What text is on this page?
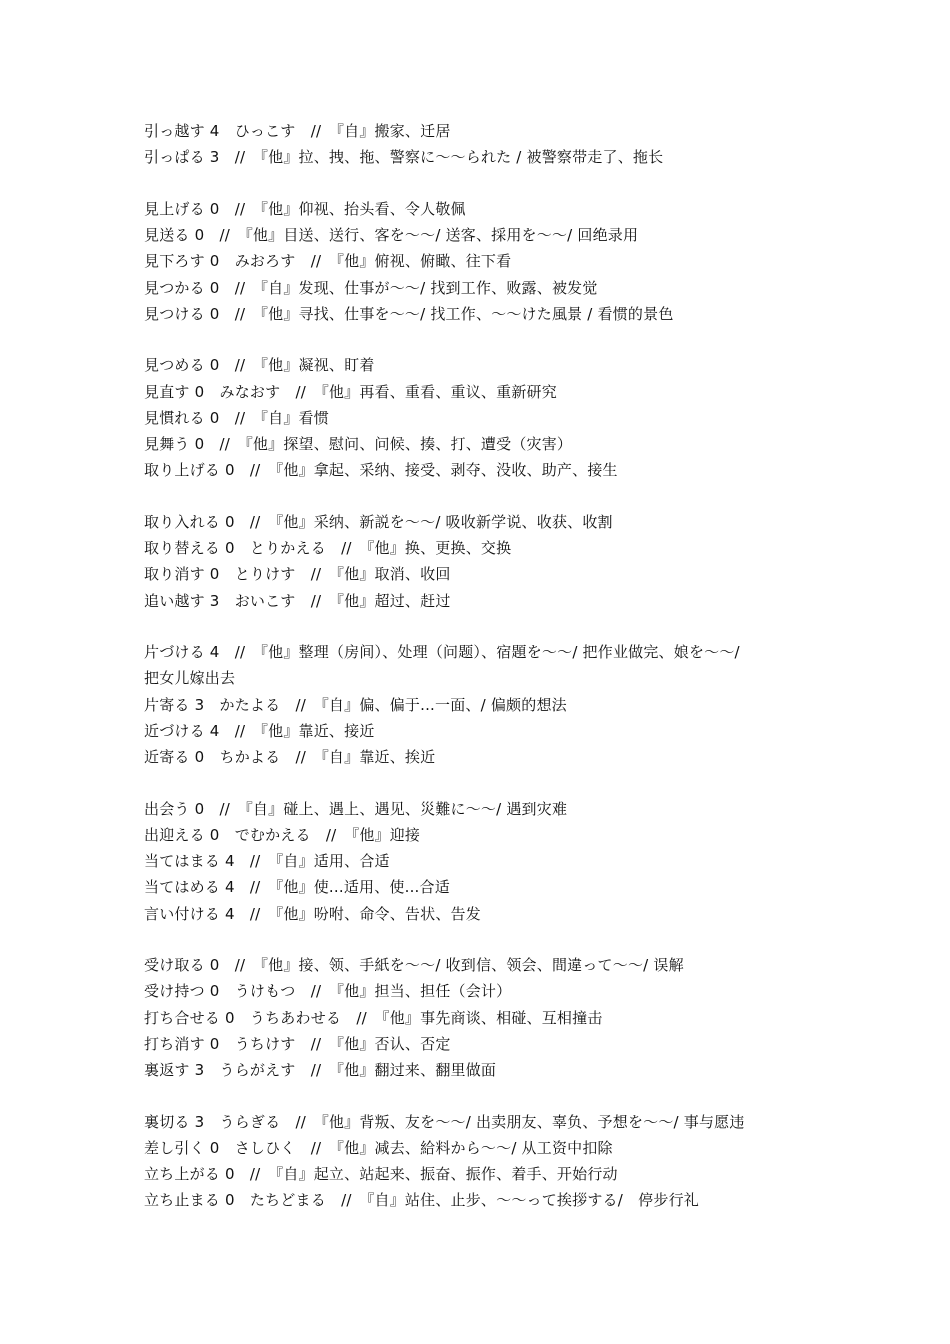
引っ越す 4　ひっこす　//　『自』搬家、迁居
引っぱる 3　//　『他』拉、拽、拖、警察に～～られた / 被警察带走了、拖长
見上げる 0　//　『他』仰视、抬头看、令人敬佩
見送る 0　//　『他』目送、送行、客を～～/ 送客、採用を～～/ 回绝录用
見下ろす 0　みおろす　//　『他』俯视、俯瞰、往下看
見つかる 0　//　『自』发现、仕事が～～/ 找到工作、败露、被发觉
見つける 0　//　『他』寻找、仕事を～～/ 找工作、～～けた風景 / 看惯的景色
見つめる 0　//　『他』凝视、盯着
見直す 0　みなおす　//　『他』再看、重看、重议、重新研究
見慣れる 0　//　『自』看惯
見舞う 0　//　『他』探望、慰问、问候、揍、打、遭受（灾害）
取り上げる 0　//　『他』拿起、采纳、接受、剥夺、没收、助产、接生
取り入れる 0　//　『他』采纳、新説を～～/ 吸收新学说、收获、收割
取り替える 0　とりかえる　//　『他』换、更换、交换
取り消す 0　とりけす　//　『他』取消、收回
追い越す 3　おいこす　//　『他』超过、赶过
片づける 4　//　『他』整理（房间）、处理（问题）、宿題を～～/ 把作业做完、娘を～～/
把女儿嫁出去
片寄る 3　かたよる　//　『自』偏、偏于...一面、/ 偏颇的想法
近づける 4　//　『他』靠近、接近
近寄る 0　ちかよる　//　『自』靠近、挨近
出会う 0　//　『自』碰上、遇上、遇见、災難に～～/ 遇到灾难
出迎える 0　でむかえる　//　『他』迎接
当てはまる 4　//　『自』适用、合适
当てはめる 4　//　『他』使...适用、使...合适
言い付ける 4　//　『他』吩咐、命令、告状、告发
受け取る 0　//　『他』接、领、手紙を～～/ 收到信、领会、間違って～～/ 误解
受け持つ 0　うけもつ　//　『他』担当、担任（会计）
打ち合せる 0　うちあわせる　//　『他』事先商谈、相碰、互相撞击
打ち消す 0　うちけす　//　『他』否认、否定
裏返す 3　うらがえす　//　『他』翻过来、翻里做面
裏切る 3　うらぎる　//　『他』背叛、友を～～/ 出卖朋友、辜负、予想を～～/ 事与愿违
差し引く 0　さしひく　//　『他』减去、給料から～～/ 从工资中扣除
立ち上がる 0　//　『自』起立、站起来、振奋、振作、着手、开始行动
立ち止まる 0　たちどまる　//　『自』站住、止步、～～って挨拶する/　停步行礼
